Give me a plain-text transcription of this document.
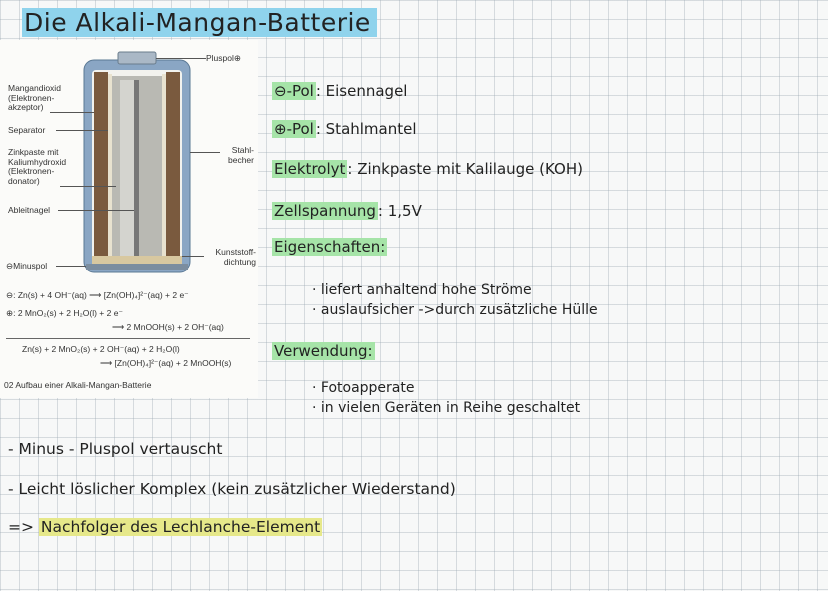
Die Alkali-Mangan-Batterie
Mangandioxid (Elektronen-akzeptor)
Separator
Zinkpaste mit Kaliumhydroxid (Elektronen-donator)
Ableitnagel
⊖Minuspol
Pluspol⊕
Stahl-becher
Kunststoff-dichtung
⊖: Zn(s) + 4 OH⁻(aq) ⟶ [Zn(OH)₄]²⁻(aq) + 2 e⁻
⊕: 2 MnO₂(s) + 2 H₂O(l) + 2 e⁻
⟶ 2 MnOOH(s) + 2 OH⁻(aq)
Zn(s) + 2 MnO₂(s) + 2 OH⁻(aq) + 2 H₂O(l)
⟶ [Zn(OH)₄]²⁻(aq) + 2 MnOOH(s)
02 Aufbau einer Alkali-Mangan-Batterie
⊖-Pol : Eisennagel
⊕-Pol : Stahlmantel
Elektrolyt : Zinkpaste mit Kalilauge (KOH)
Zellspannung : 1,5V
Eigenschaften:
· liefert anhaltend hohe Ströme
· auslaufsicher ->durch zusätzliche Hülle
Verwendung:
· Fotoapperate
· in vielen Geräten in Reihe geschaltet
- Minus - Pluspol vertauscht
- Leicht löslicher Komplex (kein zusätzlicher Wiederstand)
=> Nachfolger des Lechlanche-Element
